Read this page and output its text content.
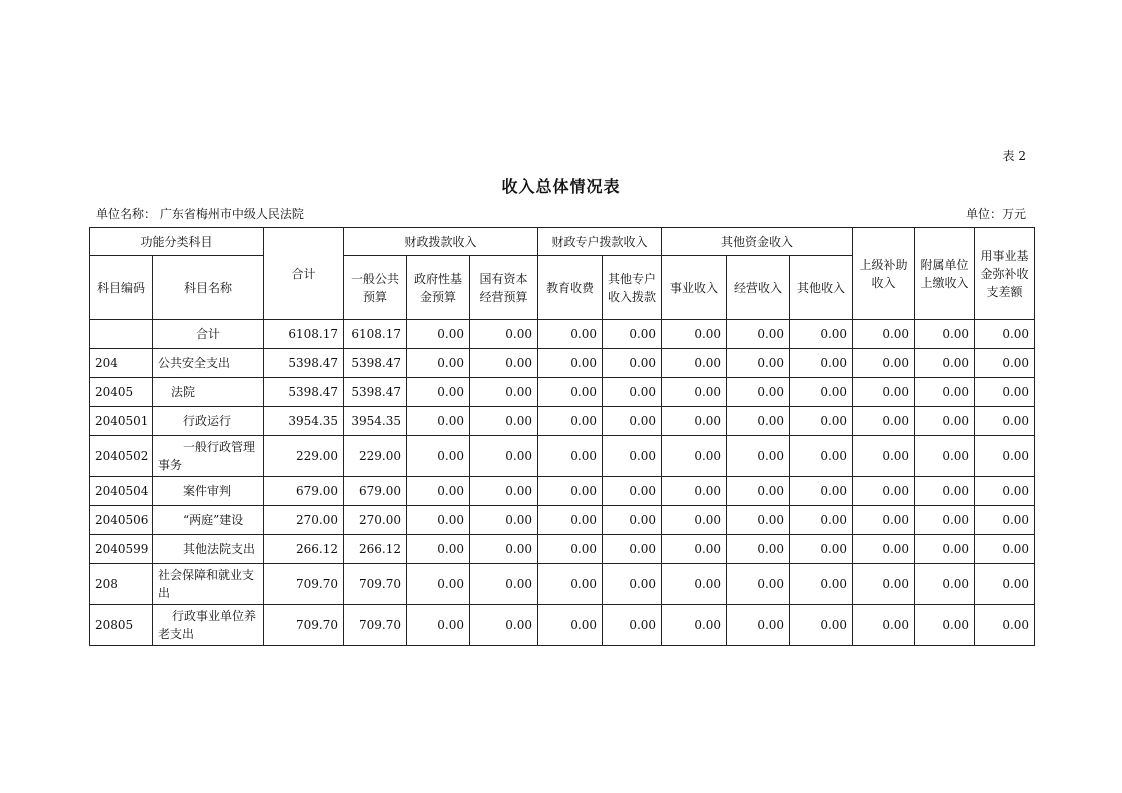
表 2
收入总体情况表
单位名称： 广东省梅州市中级人民法院	单位：万元
功能分类科目		合计	财政拨款收入			财政专户拨款收入		其他资金收入			上级补助收入	附属单位上缴收入	用事业基金弥补收支差额
科目编码	科目名称		一般公共预算	政府性基金预算	国有资本经营预算	教育收费	其他专户收入拨款	事业收入	经营收入	其他收入			
	合计	6108.17	6108.17	0.00	0.00	0.00	0.00	0.00	0.00	0.00	0.00	0.00	0.00
204	公共安全支出	5398.47	5398.47	0.00	0.00	0.00	0.00	0.00	0.00	0.00	0.00	0.00	0.00
20405	法院	5398.47	5398.47	0.00	0.00	0.00	0.00	0.00	0.00	0.00	0.00	0.00	0.00
2040501	行政运行	3954.35	3954.35	0.00	0.00	0.00	0.00	0.00	0.00	0.00	0.00	0.00	0.00
2040502	一般行政管理事务	229.00	229.00	0.00	0.00	0.00	0.00	0.00	0.00	0.00	0.00	0.00	0.00
2040504	案件审判	679.00	679.00	0.00	0.00	0.00	0.00	0.00	0.00	0.00	0.00	0.00	0.00
2040506	“两庭”建设	270.00	270.00	0.00	0.00	0.00	0.00	0.00	0.00	0.00	0.00	0.00	0.00
2040599	其他法院支出	266.12	266.12	0.00	0.00	0.00	0.00	0.00	0.00	0.00	0.00	0.00	0.00
208	社会保障和就业支出	709.70	709.70	0.00	0.00	0.00	0.00	0.00	0.00	0.00	0.00	0.00	0.00
20805	行政事业单位养老支出	709.70	709.70	0.00	0.00	0.00	0.00	0.00	0.00	0.00	0.00	0.00	0.00
